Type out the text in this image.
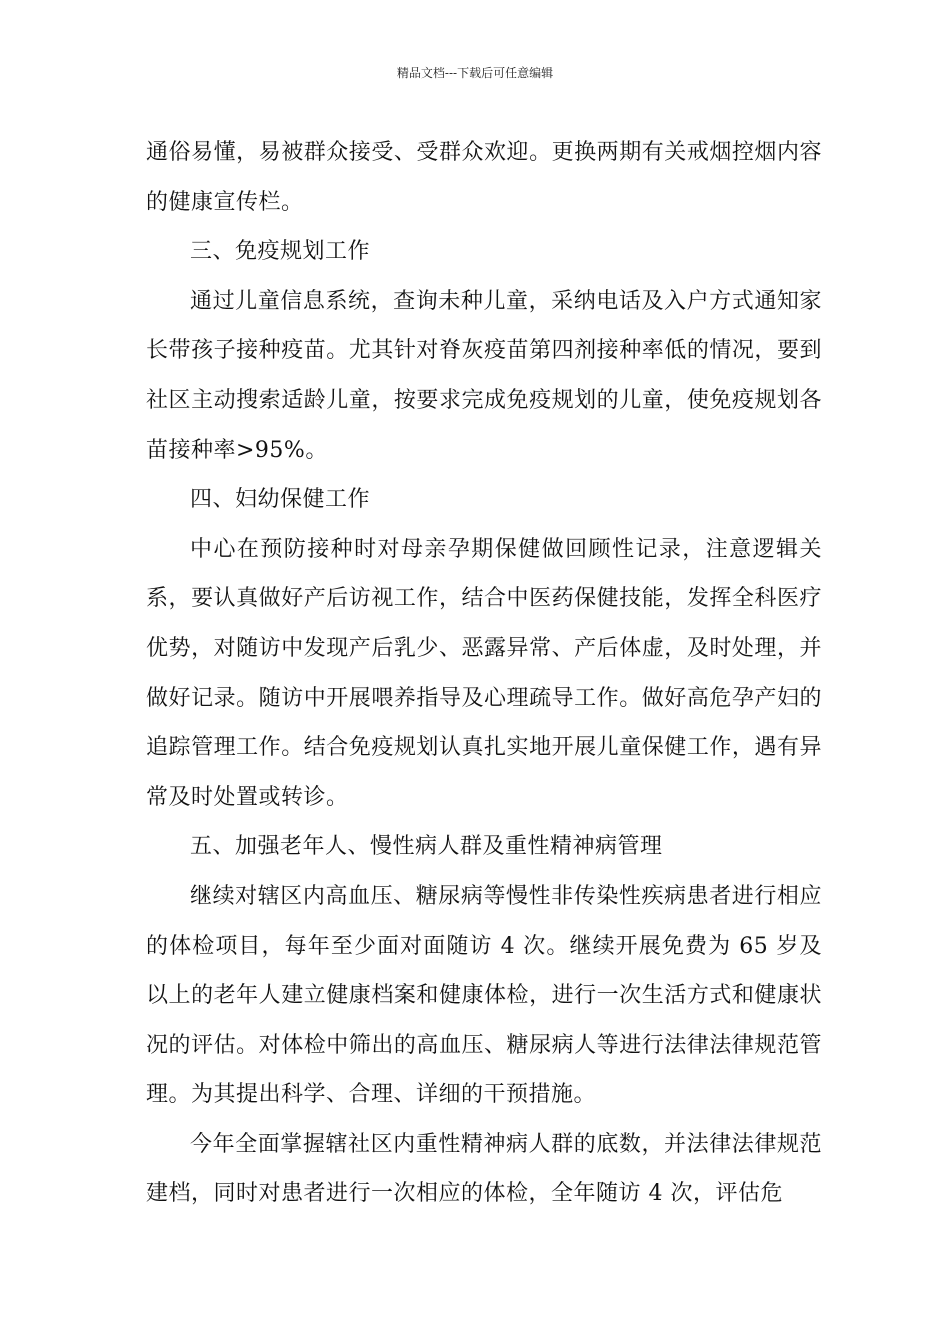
精品文档---下载后可任意编辑

通俗易懂，易被群众接受、受群众欢迎。更换两期有关戒烟控烟内容的健康宣传栏。

三、免疫规划工作

通过儿童信息系统，查询未种儿童，采纳电话及入户方式通知家长带孩子接种疫苗。尤其针对脊灰疫苗第四剂接种率低的情况，要到社区主动搜索适龄儿童，按要求完成免疫规划的儿童，使免疫规划各苗接种率>95%。

四、妇幼保健工作

中心在预防接种时对母亲孕期保健做回顾性记录，注意逻辑关系，要认真做好产后访视工作，结合中医药保健技能，发挥全科医疗优势，对随访中发现产后乳少、恶露异常、产后体虚，及时处理，并做好记录。随访中开展喂养指导及心理疏导工作。做好高危孕产妇的追踪管理工作。结合免疫规划认真扎实地开展儿童保健工作，遇有异常及时处置或转诊。

五、加强老年人、慢性病人群及重性精神病管理

继续对辖区内高血压、糖尿病等慢性非传染性疾病患者进行相应的体检项目，每年至少面对面随访 4 次。继续开展免费为 65 岁及以上的老年人建立健康档案和健康体检，进行一次生活方式和健康状况的评估。对体检中筛出的高血压、糖尿病人等进行法律法律规范管理。为其提出科学、合理、详细的干预措施。

今年全面掌握辖社区内重性精神病人群的底数，并法律法律规范建档，同时对患者进行一次相应的体检，全年随访 4 次，评估危
